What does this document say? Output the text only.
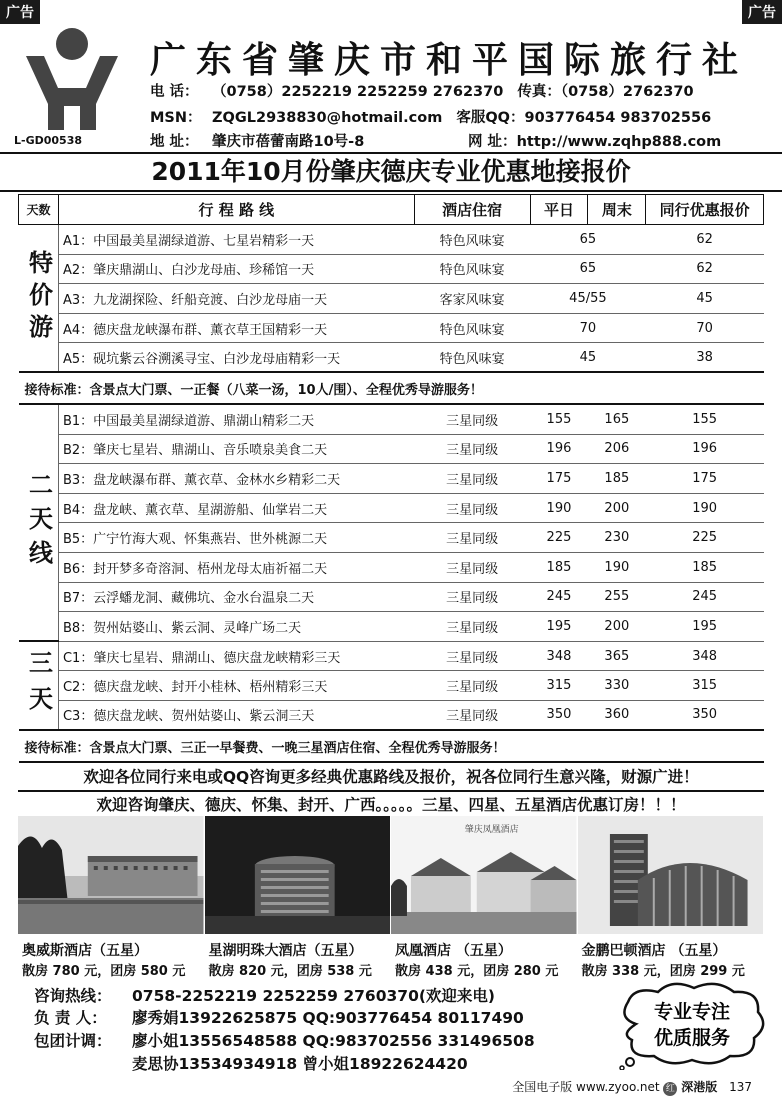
广告	广告
L-GD00538
广东省肇庆市和平国际旅行社
电 话： （0758）2252219 2252259 2762370 传真：（0758）2762370
MSN： ZQGL2938830@hotmail.com 客服QQ：903776454 983702556
地 址： 肇庆市蓓蕾南路10号-8	网 址：http://www.zqhp888.com
2011年10月份肇庆德庆专业优惠地接报价
天数	行 程 路 线	酒店住宿	平日	周末	同行优惠报价
特价游	A1：中国最美星湖绿道游、七星岩精彩一天	特色风味宴	65		62
	A2：肇庆鼎湖山、白沙龙母庙、珍稀馆一天	特色风味宴	65		62
	A3：九龙湖探险、纤船竞渡、白沙龙母庙一天	客家风味宴	45/55		45
	A4：德庆盘龙峡瀑布群、薰衣草王国精彩一天	特色风味宴	70		70
	A5：砚坑紫云谷溯溪寻宝、白沙龙母庙精彩一天	特色风味宴	45		38
接待标准：含景点大门票、一正餐（八菜一汤，10人/围）、全程优秀导游服务！					
二天线	B1：中国最美星湖绿道游、鼎湖山精彩二天	三星同级	155	165	155
	B2：肇庆七星岩、鼎湖山、音乐喷泉美食二天	三星同级	196	206	196
	B3：盘龙峡瀑布群、薰衣草、金林水乡精彩二天	三星同级	175	185	175
	B4：盘龙峡、薰衣草、星湖游船、仙掌岩二天	三星同级	190	200	190
	B5：广宁竹海大观、怀集燕岩、世外桃源二天	三星同级	225	230	225
	B6：封开梦多奇溶洞、梧州龙母太庙祈福二天	三星同级	185	190	185
	B7：云浮蟠龙洞、藏佛坑、金水台温泉二天	三星同级	245	255	245
	B8：贺州姑婆山、紫云洞、灵峰广场二天	三星同级	195	200	195
三天	C1：肇庆七星岩、鼎湖山、德庆盘龙峡精彩三天	三星同级	348	365	348
	C2：德庆盘龙峡、封开小桂林、梧州精彩三天	三星同级	315	330	315
	C3：德庆盘龙峡、贺州姑婆山、紫云洞三天	三星同级	350	360	350
接待标准：含景点大门票、三正一早餐费、一晚三星酒店住宿、全程优秀导游服务！					
欢迎各位同行来电或QQ咨询更多经典优惠路线及报价，祝各位同行生意兴隆，财源广进！
欢迎咨询肇庆、德庆、怀集、封开、广西。。。。。三星、四星、五星酒店优惠订房！！！
奥威斯酒店（五星）
散房 780 元，团房 580 元
星湖明珠大酒店（五星）
散房 820 元，团房 538 元
肇庆凤凰酒店
凤凰酒店 （五星）
散房 438 元，团房 280 元
金鹏巴顿酒店 （五星）
散房 338 元，团房 299 元
咨询热线： 0758-2252219 2252259 2760370(欢迎来电)
负 责 人： 廖秀娟13922625875 QQ:903776454 80117490
包团计调： 廖小姐13556548588 QQ:983702556 331496508
麦思协13534934918 曾小姐18922624420
专业专注
优质服务
全国电子版 www.zyoo.net 红 深港版 137
